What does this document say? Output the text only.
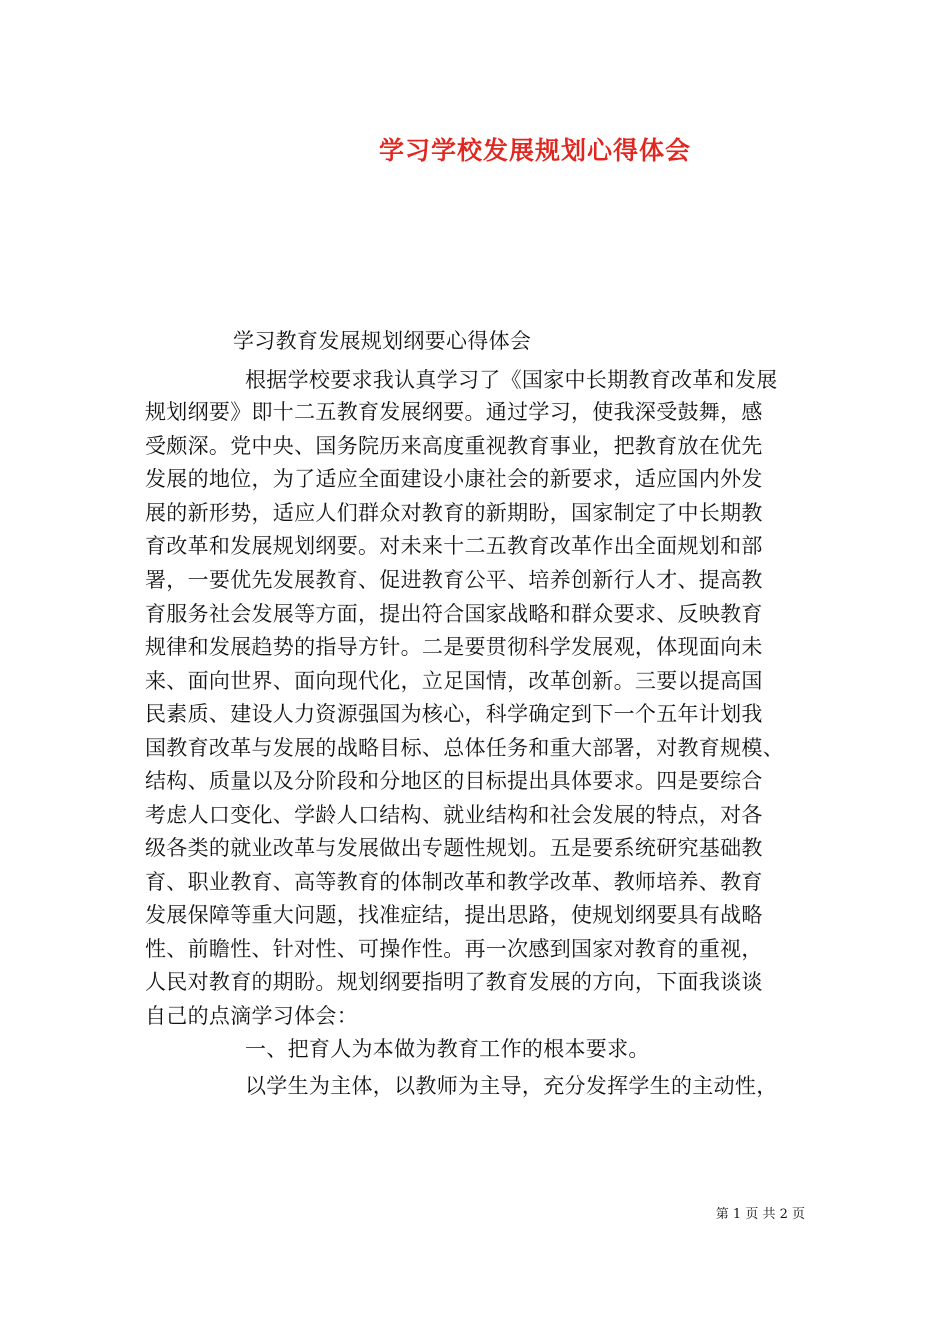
学习学校发展规划心得体会
学习教育发展规划纲要心得体会
根据学校要求我认真学习了《国家中长期教育改革和发展
规划纲要》即十二五教育发展纲要。通过学习，使我深受鼓舞，感
受颇深。党中央、国务院历来高度重视教育事业，把教育放在优先
发展的地位，为了适应全面建设小康社会的新要求，适应国内外发
展的新形势，适应人们群众对教育的新期盼，国家制定了中长期教
育改革和发展规划纲要。对未来十二五教育改革作出全面规划和部
署，一要优先发展教育、促进教育公平、培养创新行人才、提高教
育服务社会发展等方面，提出符合国家战略和群众要求、反映教育
规律和发展趋势的指导方针。二是要贯彻科学发展观，体现面向未
来、面向世界、面向现代化，立足国情，改革创新。三要以提高国
民素质、建设人力资源强国为核心，科学确定到下一个五年计划我
国教育改革与发展的战略目标、总体任务和重大部署，对教育规模、
结构、质量以及分阶段和分地区的目标提出具体要求。四是要综合
考虑人口变化、学龄人口结构、就业结构和社会发展的特点，对各
级各类的就业改革与发展做出专题性规划。五是要系统研究基础教
育、职业教育、高等教育的体制改革和教学改革、教师培养、教育
发展保障等重大问题，找准症结，提出思路，使规划纲要具有战略
性、前瞻性、针对性、可操作性。再一次感到国家对教育的重视，
人民对教育的期盼。规划纲要指明了教育发展的方向，下面我谈谈
自己的点滴学习体会：
一、把育人为本做为教育工作的根本要求。
以学生为主体，以教师为主导，充分发挥学生的主动性，
第 1 页 共 2 页
